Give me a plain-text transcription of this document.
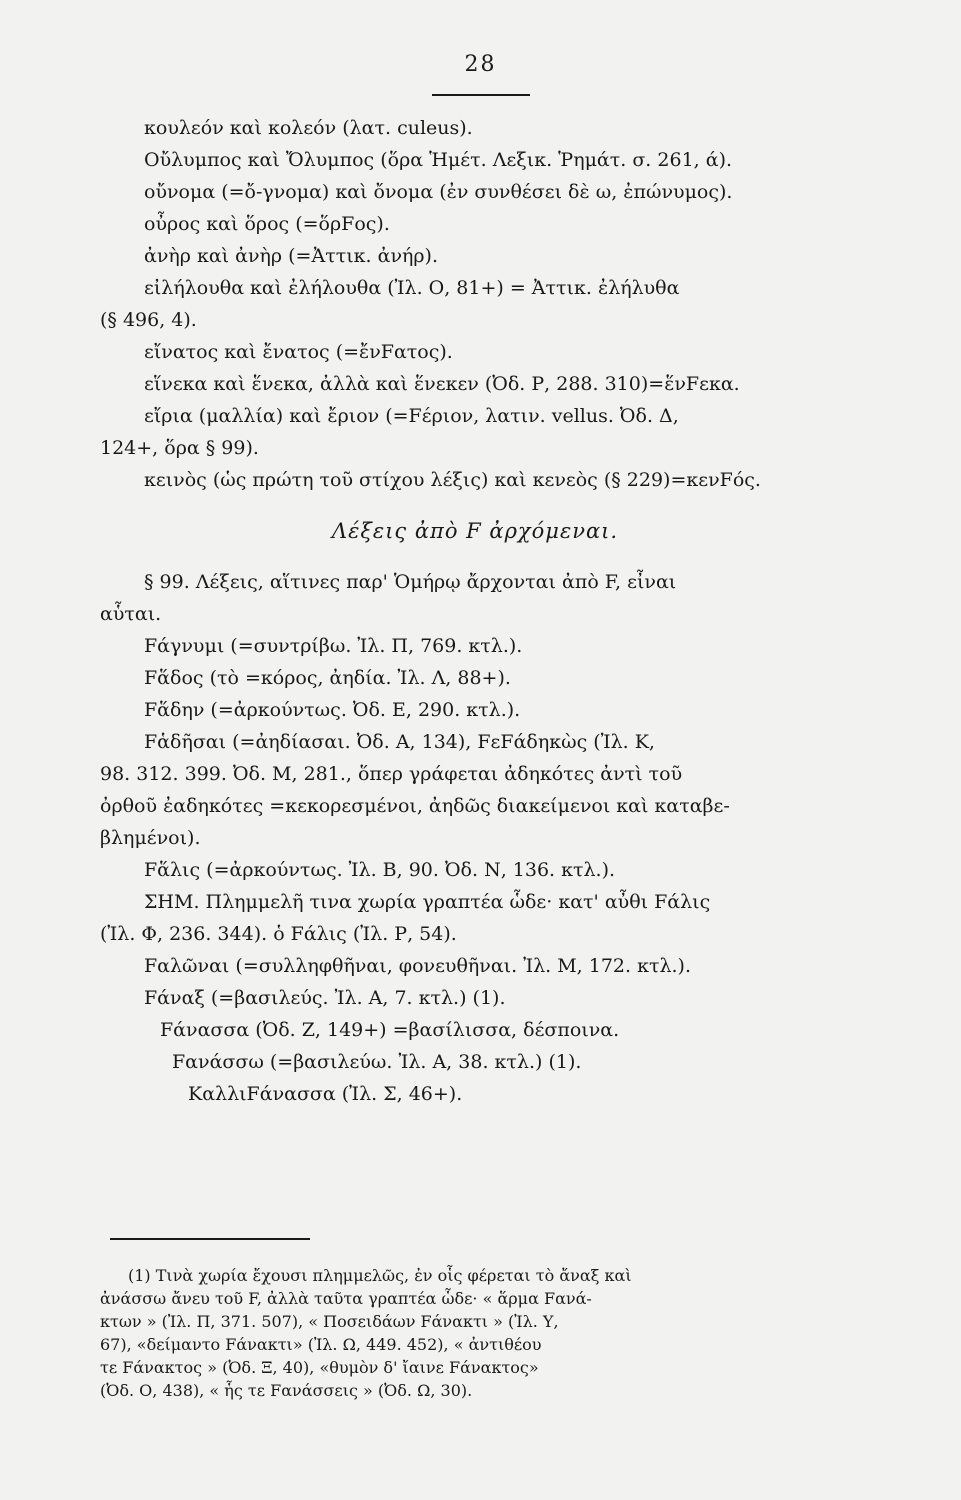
28
κουλεόν καὶ κολεόν (λατ. culeus).
Οὔλυμπος καὶ Ὄλυμπος (ὅρα Ἡμέτ. Λεξικ. Ῥημάτ. σ. 261, ά).
οὔνομα (=ὄ-γνομα) καὶ ὄνομα (ἐν συνθέσει δὲ ω, ἐπώνυμος).
οὖρος καὶ ὅρος (=ὅρFος).
ἀνὴρ καὶ ἀνὴρ (=Ἀττικ. ἀνήρ).
εἰλήλουθα καὶ ἐλήλουθα (Ἰλ. Ο, 81+) = Ἀττικ. ἐλήλυθα
(§ 496, 4).
εἴνατος καὶ ἔνατος (=ἔνFατος).
εἵνεκα καὶ ἕνεκα, ἀλλὰ καὶ ἕνεκεν (Ὀδ. Ρ, 288. 310)=ἕνFεκα.
εἴρια (μαλλία) καὶ ἔριον (=Fέριον, λατιν. vellus. Ὀδ. Δ,
124+, ὅρα § 99).
κεινὸς (ὡς πρώτη τοῦ στίχου λέξις) καὶ κενεὸς (§ 229)=κενFός.
Λέξεις ἀπὸ F ἀρχόμεναι.
§ 99. Λέξεις, αἵτινες παρ' Ὁμήρῳ ἄρχονται ἀπὸ F, εἶναι
αὗται.
Fάγνυμι (=συντρίβω. Ἰλ. Π, 769. κτλ.).
Fἅδος (τὸ =κόρος, ἀηδία. Ἰλ. Λ, 88+).
Fἅδην (=ἀρκούντως. Ὀδ. Ε, 290. κτλ.).
Fἁδῆσαι (=ἀηδίασαι. Ὀδ. Α, 134), FεFάδηκὼς (Ἰλ. Κ,
98. 312. 399. Ὀδ. Μ, 281., ὅπερ γράφεται ἀδηκότες ἀντὶ τοῦ
ὀρθοῦ ἐαδηκότες =κεκορεσμένοι, ἀηδῶς διακείμενοι καὶ καταβε-
βλημένοι).
Fἅλις (=ἀρκούντως. Ἰλ. Β, 90. Ὀδ. Ν, 136. κτλ.).
ΣΗΜ. Πλημμελῆ τινα χωρία γραπτέα ὧδε· κατ' αὖθι Fάλις
(Ἰλ. Φ, 236. 344). ὁ Fάλις (Ἰλ. Ρ, 54).
Fαλῶναι (=συλληφθῆναι, φονευθῆναι. Ἰλ. Μ, 172. κτλ.).
Fάναξ (=βασιλεύς. Ἰλ. Α, 7. κτλ.) (1).
Fάνασσα (Ὀδ. Ζ, 149+) =βασίλισσα, δέσποινα.
Fανάσσω (=βασιλεύω. Ἰλ. Α, 38. κτλ.) (1).
ΚαλλιFάνασσα (Ἰλ. Σ, 46+).
(1) Τινὰ χωρία ἔχουσι πλημμελῶς, ἐν οἷς φέρεται τὸ ἄναξ καὶ
ἀνάσσω ἄνευ τοῦ F, ἀλλὰ ταῦτα γραπτέα ὧδε· « ἅρμα Fανά-
κτων » (Ἰλ. Π, 371. 507), « Ποσειδάων Fάνακτι » (Ἰλ. Υ,
67), «δείμαντο Fάνακτι» (Ἰλ. Ω, 449. 452), « ἀντιθέου
τε Fάνακτος » (Ὀδ. Ξ, 40), «θυμὸν δ' ἴαινε Fάνακτος»
(Ὀδ. Ο, 438), « ἧς τε Fανάσσεις » (Ὀδ. Ω, 30).
